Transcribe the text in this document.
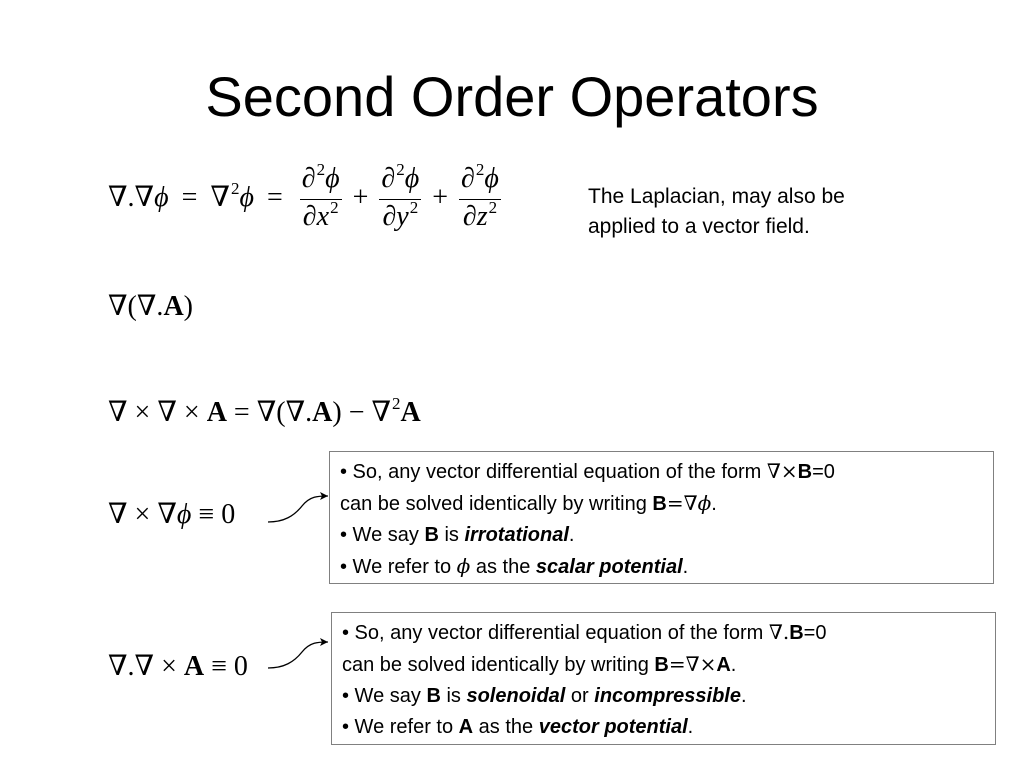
Second Order Operators
$\nabla.\nabla\phi = \nabla^2\phi = \frac{\partial^2\phi}{\partial x^2} + \frac{\partial^2\phi}{\partial y^2} + \frac{\partial^2\phi}{\partial z^2}$	The Laplacian, may also be
applied to a vector field.
∇(∇.A)
∇ × ∇ × A = ∇(∇.A) − ∇$^2$A
∇ × ∇ϕ ≡ 0
∇.∇ × A ≡ 0

• So, any vector differential equation of the form ∇×B=0

can be solved identically by writing B=∇ϕ.

• We say B is irrotational.

• We refer to ϕ as the scalar potential.

• So, any vector differential equation of the form ∇.B=0

can be solved identically by writing B=∇×A.

• We say B is solenoidal or incompressible.

• We refer to A as the vector potential.
